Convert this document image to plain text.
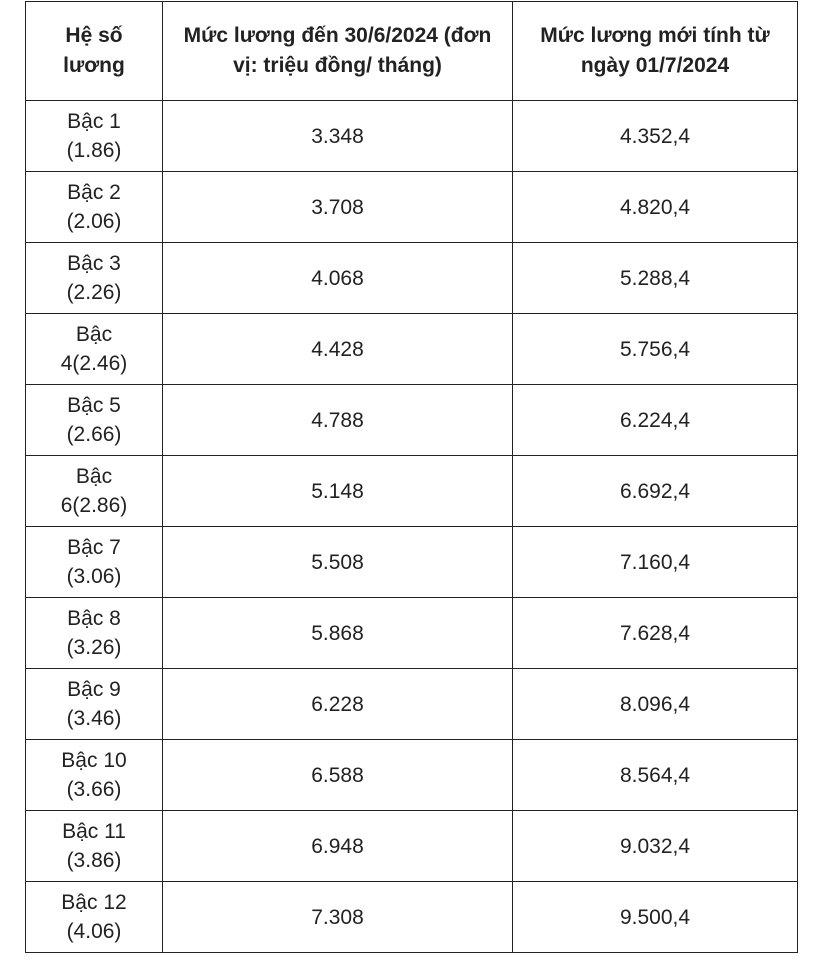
Hệ số lương	Mức lương đến 30/6/2024 (đơn vị: triệu đồng/ tháng)	Mức lương mới tính từ ngày 01/7/2024

Bậc 1
(1.86)	3.348	4.352,4

Bậc 2
(2.06)	3.708	4.820,4

Bậc 3
(2.26)	4.068	5.288,4

Bậc
4(2.46)	4.428	5.756,4

Bậc 5
(2.66)	4.788	6.224,4

Bậc
6(2.86)	5.148	6.692,4

Bậc 7
(3.06)	5.508	7.160,4

Bậc 8
(3.26)	5.868	7.628,4

Bậc 9
(3.46)	6.228	8.096,4

Bậc 10
(3.66)	6.588	8.564,4

Bậc 11
(3.86)	6.948	9.032,4

Bậc 12
(4.06)	7.308	9.500,4
